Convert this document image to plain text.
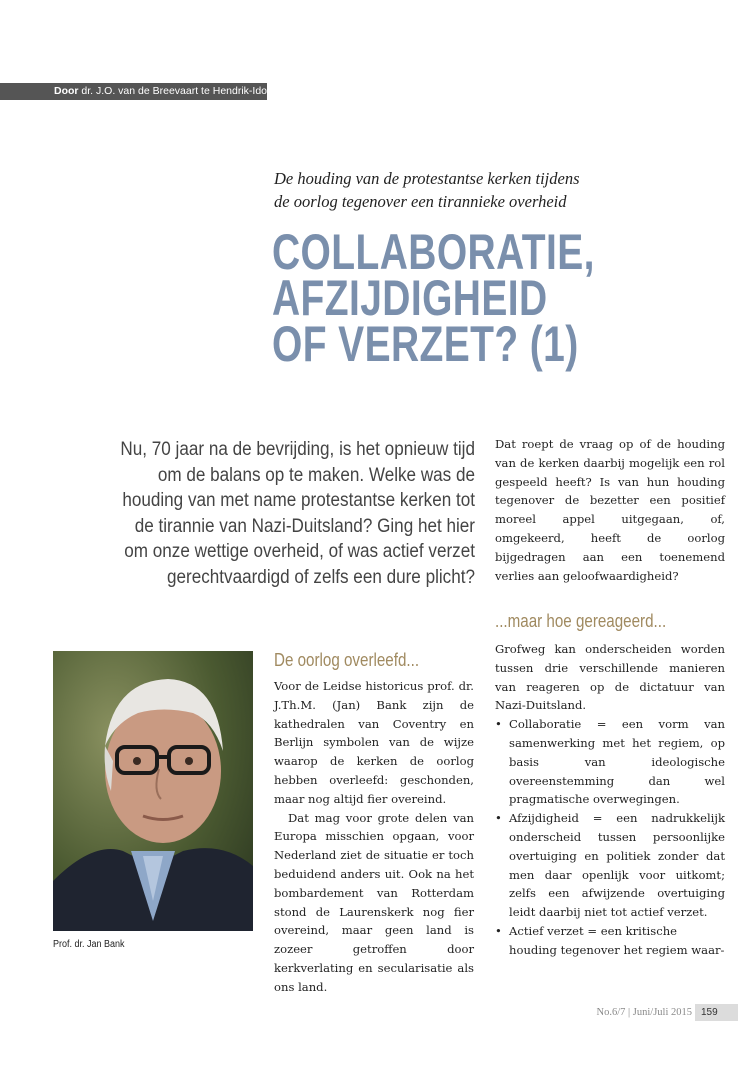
Door dr. J.O. van de Breevaart te Hendrik-Ido-Ambacht
De houding van de protestantse kerken tijdens
de oorlog tegenover een tirannieke overheid
COLLABORATIE,
AFZIJDIGHEID
OF VERZET? (1)
Nu, 70 jaar na de bevrijding, is het opnieuw tijd om de balans op te maken. Welke was de houding van met name protestantse kerken tot de tirannie van Nazi-Duitsland? Ging het hier om onze wettige overheid, of was actief verzet gerechtvaardigd of zelfs een dure plicht?

Dat roept de vraag op of de houding van de kerken daarbij mogelijk een rol gespeeld heeft? Is van hun houding tegenover de bezetter een positief moreel appel uitgegaan, of, omgekeerd, heeft de oorlog bijgedragen aan een toenemend verlies aan geloofwaardigheid?

...maar hoe gereageerd...

Grofweg kan onderscheiden worden tussen drie verschillende manieren van reageren op de dictatuur van Nazi-Duitsland.

• Collaboratie = een vorm van samenwerking met het regiem, op basis van ideologische overeenstemming dan wel pragmatische overwegingen.
• Afzijdigheid = een nadrukkelijk onderscheid tussen persoonlijke overtuiging en politiek zonder dat men daar openlijk voor uitkomt; zelfs een afwijzende overtuiging leidt daarbij niet tot actief verzet.
• Actief verzet = een kritische houding tegenover het regiem waar-
De oorlog overleefd...

Voor de Leidse historicus prof. dr. J.Th.M. (Jan) Bank zijn de kathedralen van Coventry en Berlijn symbolen van de wijze waarop de kerken de oorlog hebben overleefd: geschonden, maar nog altijd fier overeind.

Dat mag voor grote delen van Europa misschien opgaan, voor Nederland ziet de situatie er toch beduidend anders uit. Ook na het bombardement van Rotterdam stond de Laurenskerk nog fier overeind, maar geen land is zozeer getroffen door kerkverlating en secularisatie als ons land.

Prof. dr. Jan Bank
No.6/7 | Juni/Juli 2015 159
